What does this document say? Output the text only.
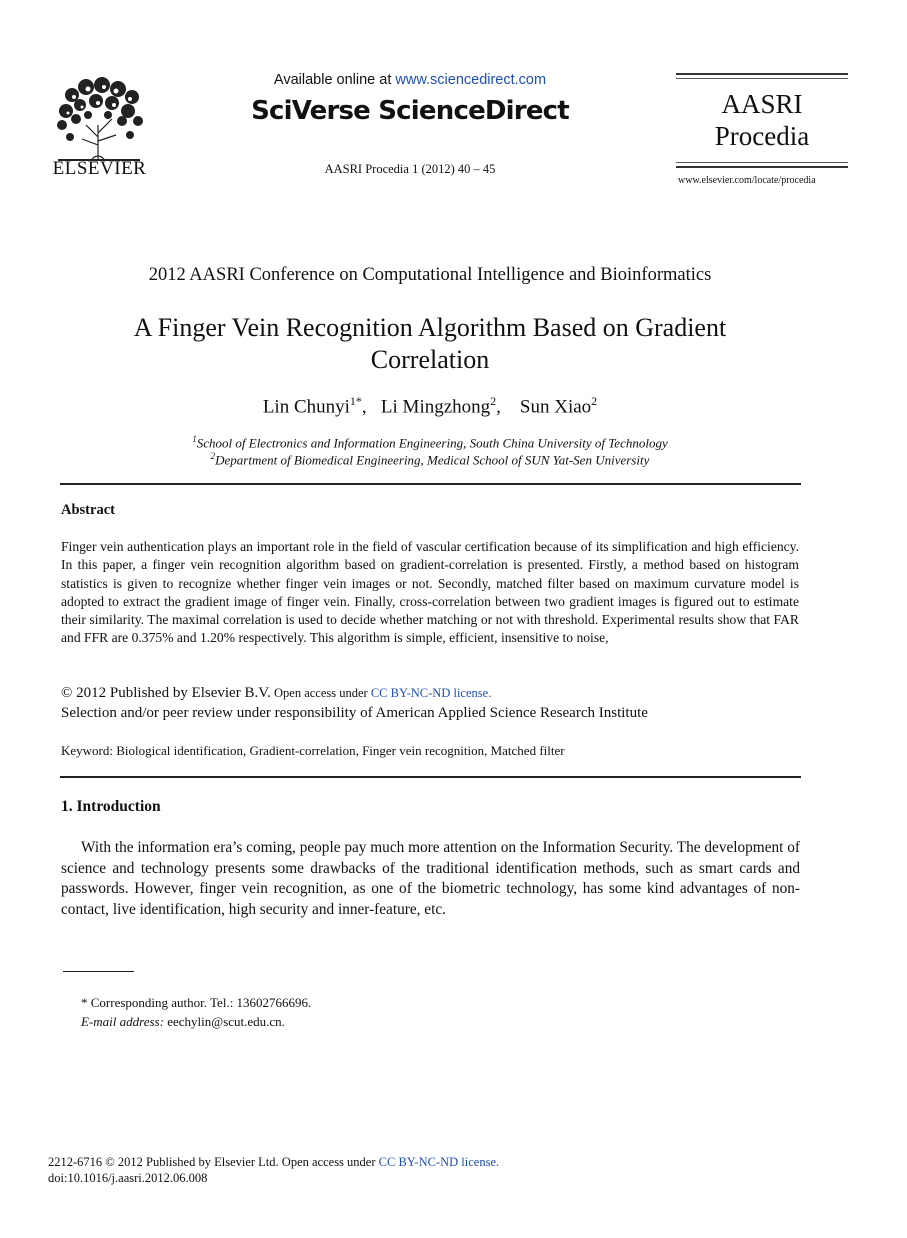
ELSEVIER
Available online at www.sciencedirect.com
SciVerse ScienceDirect
AASRI Procedia 1 (2012) 40 – 45
AASRI
Procedia
www.elsevier.com/locate/procedia
2012 AASRI Conference on Computational Intelligence and Bioinformatics
A Finger Vein Recognition Algorithm Based on Gradient
Correlation
Lin Chunyi$^{1*}$,   Li Mingzhong$^2$,    Sun Xiao$^2$
$^1$School of Electronics and Information Engineering, South China University of Technology
$^2$Department of Biomedical Engineering, Medical School of SUN Yat-Sen University
Abstract
Finger vein authentication plays an important role in the field of vascular certification because of its simplification and high efficiency. In this paper, a finger vein recognition algorithm based on gradient-correlation is presented. Firstly, a method based on histogram statistics is given to recognize whether finger vein images or not. Secondly, matched filter based on maximum curvature model is adopted to extract the gradient image of finger vein. Finally, cross-correlation between two gradient images is figured out to estimate their similarity. The maximal correlation is used to decide whether matching or not with threshold. Experimental results show that FAR and FFR are 0.375% and 1.20% respectively. This algorithm is simple, efficient, insensitive to noise,
© 2012 Published by Elsevier B.V. Open access under CC BY-NC-ND license.
Selection and/or peer review under responsibility of American Applied Science Research Institute
Keyword: Biological identification, Gradient-correlation, Finger vein recognition, Matched filter
1. Introduction
With the information era’s coming, people pay much more attention on the Information Security. The development of science and technology presents some drawbacks of the traditional identification methods, such as smart cards and passwords. However, finger vein recognition, as one of the biometric technology, has some kind advantages of non-contact, live identification, high security and inner-feature, etc.
* Corresponding author. Tel.: 13602766696.
E-mail address: eechylin@scut.edu.cn.
2212-6716 © 2012 Published by Elsevier Ltd. Open access under CC BY-NC-ND license.
doi:10.1016/j.aasri.2012.06.008
